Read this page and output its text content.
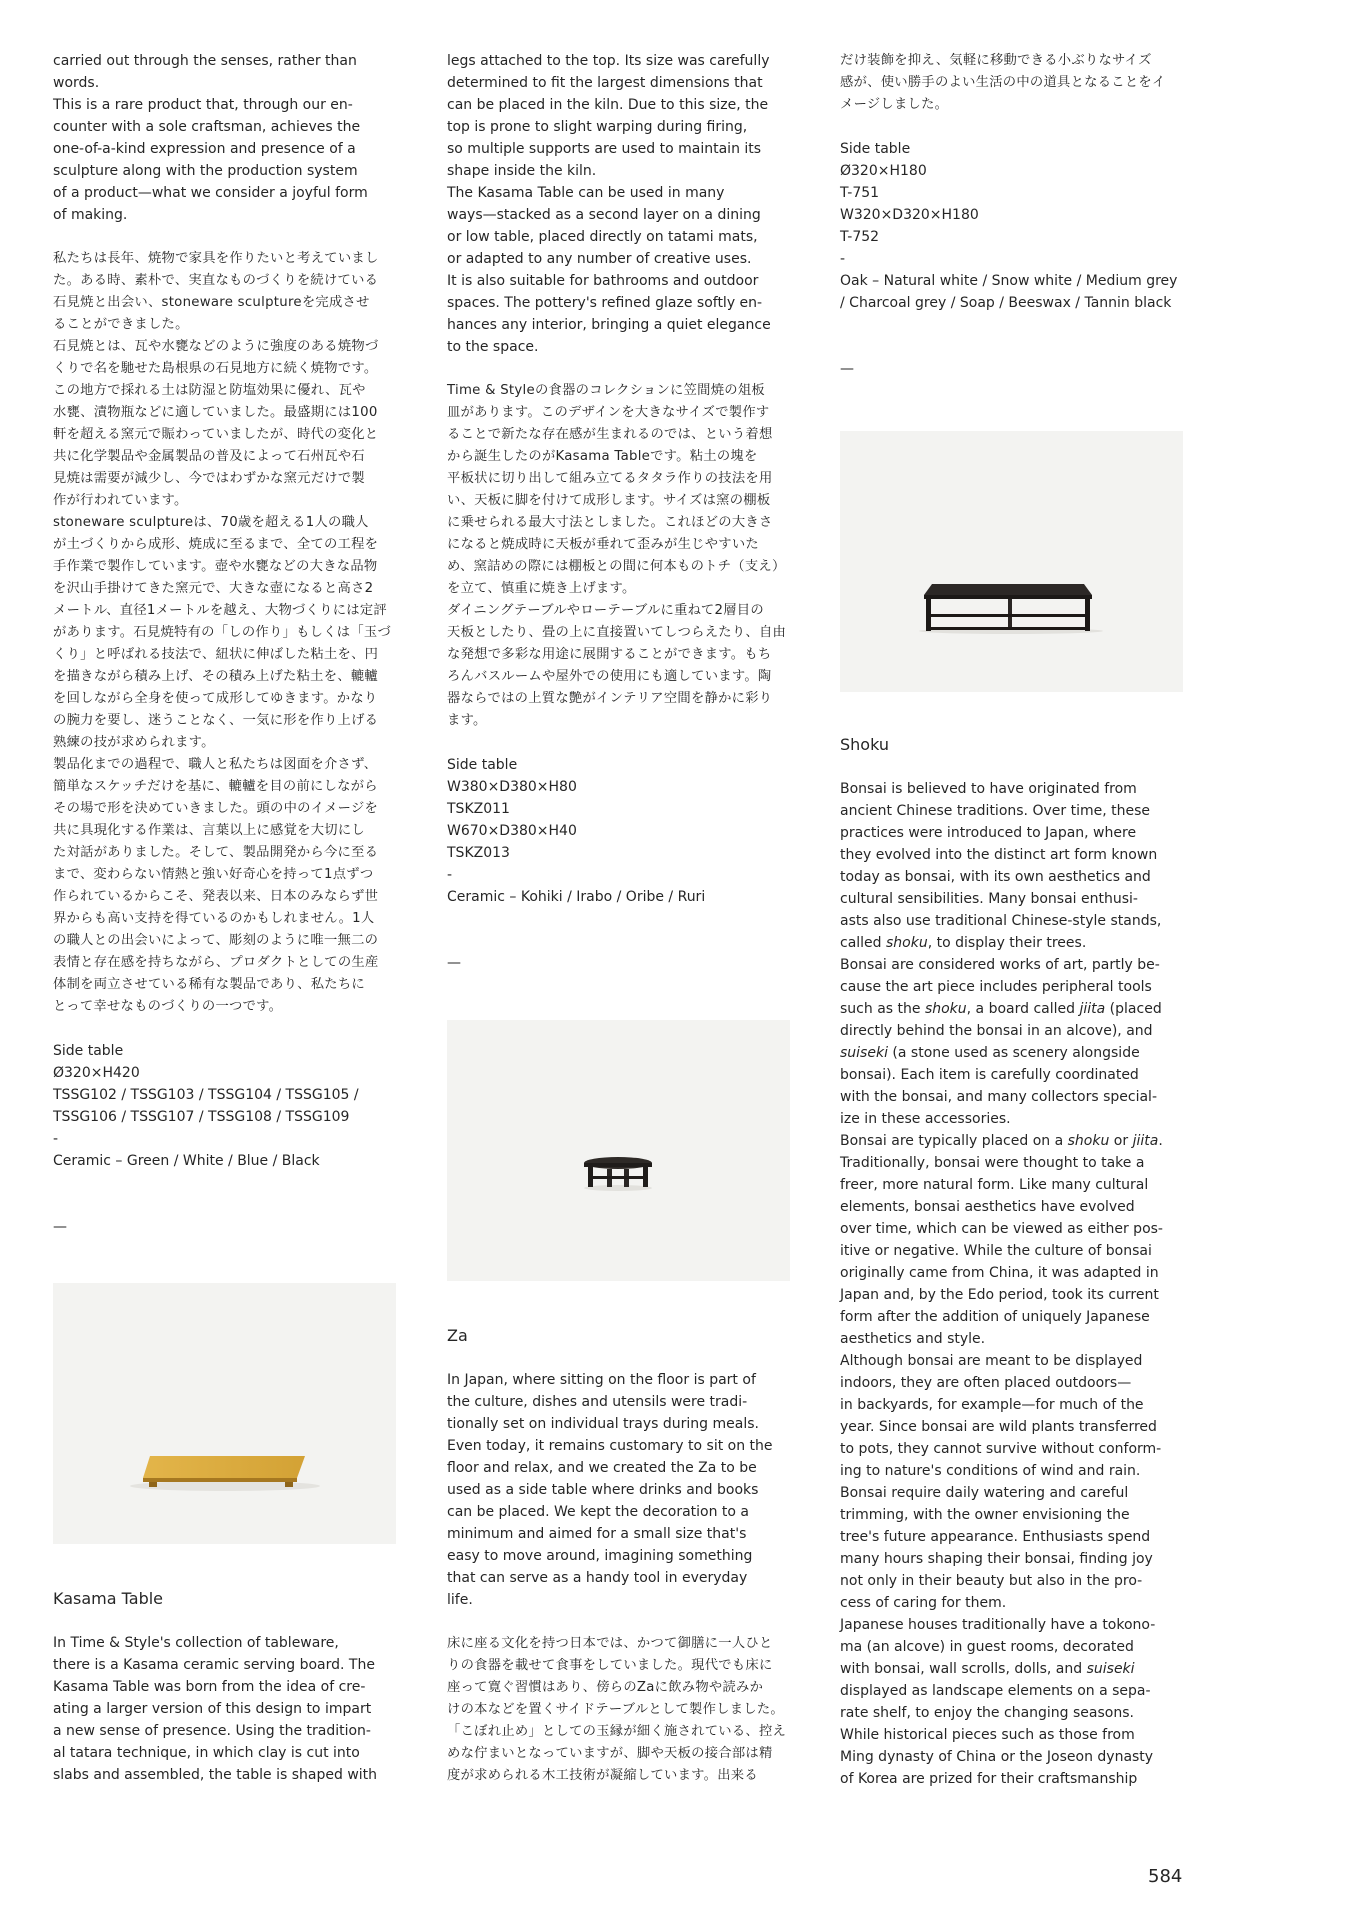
carried out through the senses, rather than
words.
This is a rare product that, through our en-
counter with a sole craftsman, achieves the
one-of-a-kind expression and presence of a
sculpture along with the production system
of a product—what we consider a joyful form
of making.

私たちは長年、焼物で家具を作りたいと考えていまし
た。ある時、素朴で、実直なものづくりを続けている
石見焼と出会い、stoneware sculptureを完成させ
ることができました。
石見焼とは、瓦や水甕などのように強度のある焼物づ
くりで名を馳せた島根県の石見地方に続く焼物です。
この地方で採れる土は防湿と防塩効果に優れ、瓦や
水甕、漬物瓶などに適していました。最盛期には100
軒を超える窯元で賑わっていましたが、時代の変化と
共に化学製品や金属製品の普及によって石州瓦や石
見焼は需要が減少し、今ではわずかな窯元だけで製
作が行われています。
stoneware sculptureは、70歳を超える1人の職人
が土づくりから成形、焼成に至るまで、全ての工程を
手作業で製作しています。壺や水甕などの大きな品物
を沢山手掛けてきた窯元で、大きな壺になると高さ2
メートル、直径1メートルを越え、大物づくりには定評
があります。石見焼特有の「しの作り」もしくは「玉づ
くり」と呼ばれる技法で、紐状に伸ばした粘土を、円
を描きながら積み上げ、その積み上げた粘土を、轆轤
を回しながら全身を使って成形してゆきます。かなり
の腕力を要し、迷うことなく、一気に形を作り上げる
熟練の技が求められます。
製品化までの過程で、職人と私たちは図面を介さず、
簡単なスケッチだけを基に、轆轤を目の前にしながら
その場で形を決めていきました。頭の中のイメージを
共に具現化する作業は、言葉以上に感覚を大切にし
た対話がありました。そして、製品開発から今に至る
まで、変わらない情熱と強い好奇心を持って1点ずつ
作られているからこそ、発表以来、日本のみならず世
界からも高い支持を得ているのかもしれません。1人
の職人との出会いによって、彫刻のように唯一無二の
表情と存在感を持ちながら、プロダクトとしての生産
体制を両立させている稀有な製品であり、私たちに
とって幸せなものづくりの一つです。

Side table
Ø320×H420
TSSG102 / TSSG103 / TSSG104 / TSSG105 /
TSSG106 / TSSG107 / TSSG108 / TSSG109
-
Ceramic – Green / White / Blue / Black

—

Kasama Table

In Time & Style's collection of tableware,
there is a Kasama ceramic serving board. The
Kasama Table was born from the idea of cre-
ating a larger version of this design to impart
a new sense of presence. Using the tradition-
al tatara technique, in which clay is cut into
slabs and assembled, the table is shaped with

legs attached to the top. Its size was carefully
determined to fit the largest dimensions that
can be placed in the kiln. Due to this size, the
top is prone to slight warping during firing,
so multiple supports are used to maintain its
shape inside the kiln.
The Kasama Table can be used in many
ways—stacked as a second layer on a dining
or low table, placed directly on tatami mats,
or adapted to any number of creative uses.
It is also suitable for bathrooms and outdoor
spaces. The pottery's refined glaze softly en-
hances any interior, bringing a quiet elegance
to the space.

Time & Styleの食器のコレクションに笠間焼の俎板
皿があります。このデザインを大きなサイズで製作す
ることで新たな存在感が生まれるのでは、という着想
から誕生したのがKasama Tableです。粘土の塊を
平板状に切り出して組み立てるタタラ作りの技法を用
い、天板に脚を付けて成形します。サイズは窯の棚板
に乗せられる最大寸法としました。これほどの大きさ
になると焼成時に天板が垂れて歪みが生じやすいた
め、窯詰めの際には棚板との間に何本ものトチ（支え）
を立て、慎重に焼き上げます。
ダイニングテーブルやローテーブルに重ねて2層目の
天板としたり、畳の上に直接置いてしつらえたり、自由
な発想で多彩な用途に展開することができます。もち
ろんバスルームや屋外での使用にも適しています。陶
器ならではの上質な艶がインテリア空間を静かに彩り
ます。

Side table
W380×D380×H80
TSKZ011
W670×D380×H40
TSKZ013
-
Ceramic – Kohiki / Irabo / Oribe / Ruri

—

Za

In Japan, where sitting on the floor is part of
the culture, dishes and utensils were tradi-
tionally set on individual trays during meals.
Even today, it remains customary to sit on the
floor and relax, and we created the Za to be
used as a side table where drinks and books
can be placed. We kept the decoration to a
minimum and aimed for a small size that's
easy to move around, imagining something
that can serve as a handy tool in everyday
life.

床に座る文化を持つ日本では、かつて御膳に一人ひと
りの食器を載せて食事をしていました。現代でも床に
座って寛ぐ習慣はあり、傍らのZaに飲み物や読みか
けの本などを置くサイドテーブルとして製作しました。
「こぼれ止め」としての玉縁が細く施されている、控え
めな佇まいとなっていますが、脚や天板の接合部は精
度が求められる木工技術が凝縮しています。出来る

だけ装飾を抑え、気軽に移動できる小ぶりなサイズ
感が、使い勝手のよい生活の中の道具となることをイ
メージしました。

Side table
Ø320×H180
T-751
W320×D320×H180
T-752
-
Oak – Natural white / Snow white / Medium grey
/ Charcoal grey / Soap / Beeswax / Tannin black

—

Shoku

Bonsai is believed to have originated from
ancient Chinese traditions. Over time, these
practices were introduced to Japan, where
they evolved into the distinct art form known
today as bonsai, with its own aesthetics and
cultural sensibilities. Many bonsai enthusi-
asts also use traditional Chinese-style stands,
called shoku, to display their trees.
Bonsai are considered works of art, partly be-
cause the art piece includes peripheral tools
such as the shoku, a board called jiita (placed
directly behind the bonsai in an alcove), and
suiseki (a stone used as scenery alongside
bonsai). Each item is carefully coordinated
with the bonsai, and many collectors special-
ize in these accessories.
Bonsai are typically placed on a shoku or jiita.
Traditionally, bonsai were thought to take a
freer, more natural form. Like many cultural
elements, bonsai aesthetics have evolved
over time, which can be viewed as either pos-
itive or negative. While the culture of bonsai
originally came from China, it was adapted in
Japan and, by the Edo period, took its current
form after the addition of uniquely Japanese
aesthetics and style.
Although bonsai are meant to be displayed
indoors, they are often placed outdoors—
in backyards, for example—for much of the
year. Since bonsai are wild plants transferred
to pots, they cannot survive without conform-
ing to nature's conditions of wind and rain.
Bonsai require daily watering and careful
trimming, with the owner envisioning the
tree's future appearance. Enthusiasts spend
many hours shaping their bonsai, finding joy
not only in their beauty but also in the pro-
cess of caring for them.
Japanese houses traditionally have a tokono-
ma (an alcove) in guest rooms, decorated
with bonsai, wall scrolls, dolls, and suiseki
displayed as landscape elements on a sepa-
rate shelf, to enjoy the changing seasons.
While historical pieces such as those from
Ming dynasty of China or the Joseon dynasty
of Korea are prized for their craftsmanship

584
